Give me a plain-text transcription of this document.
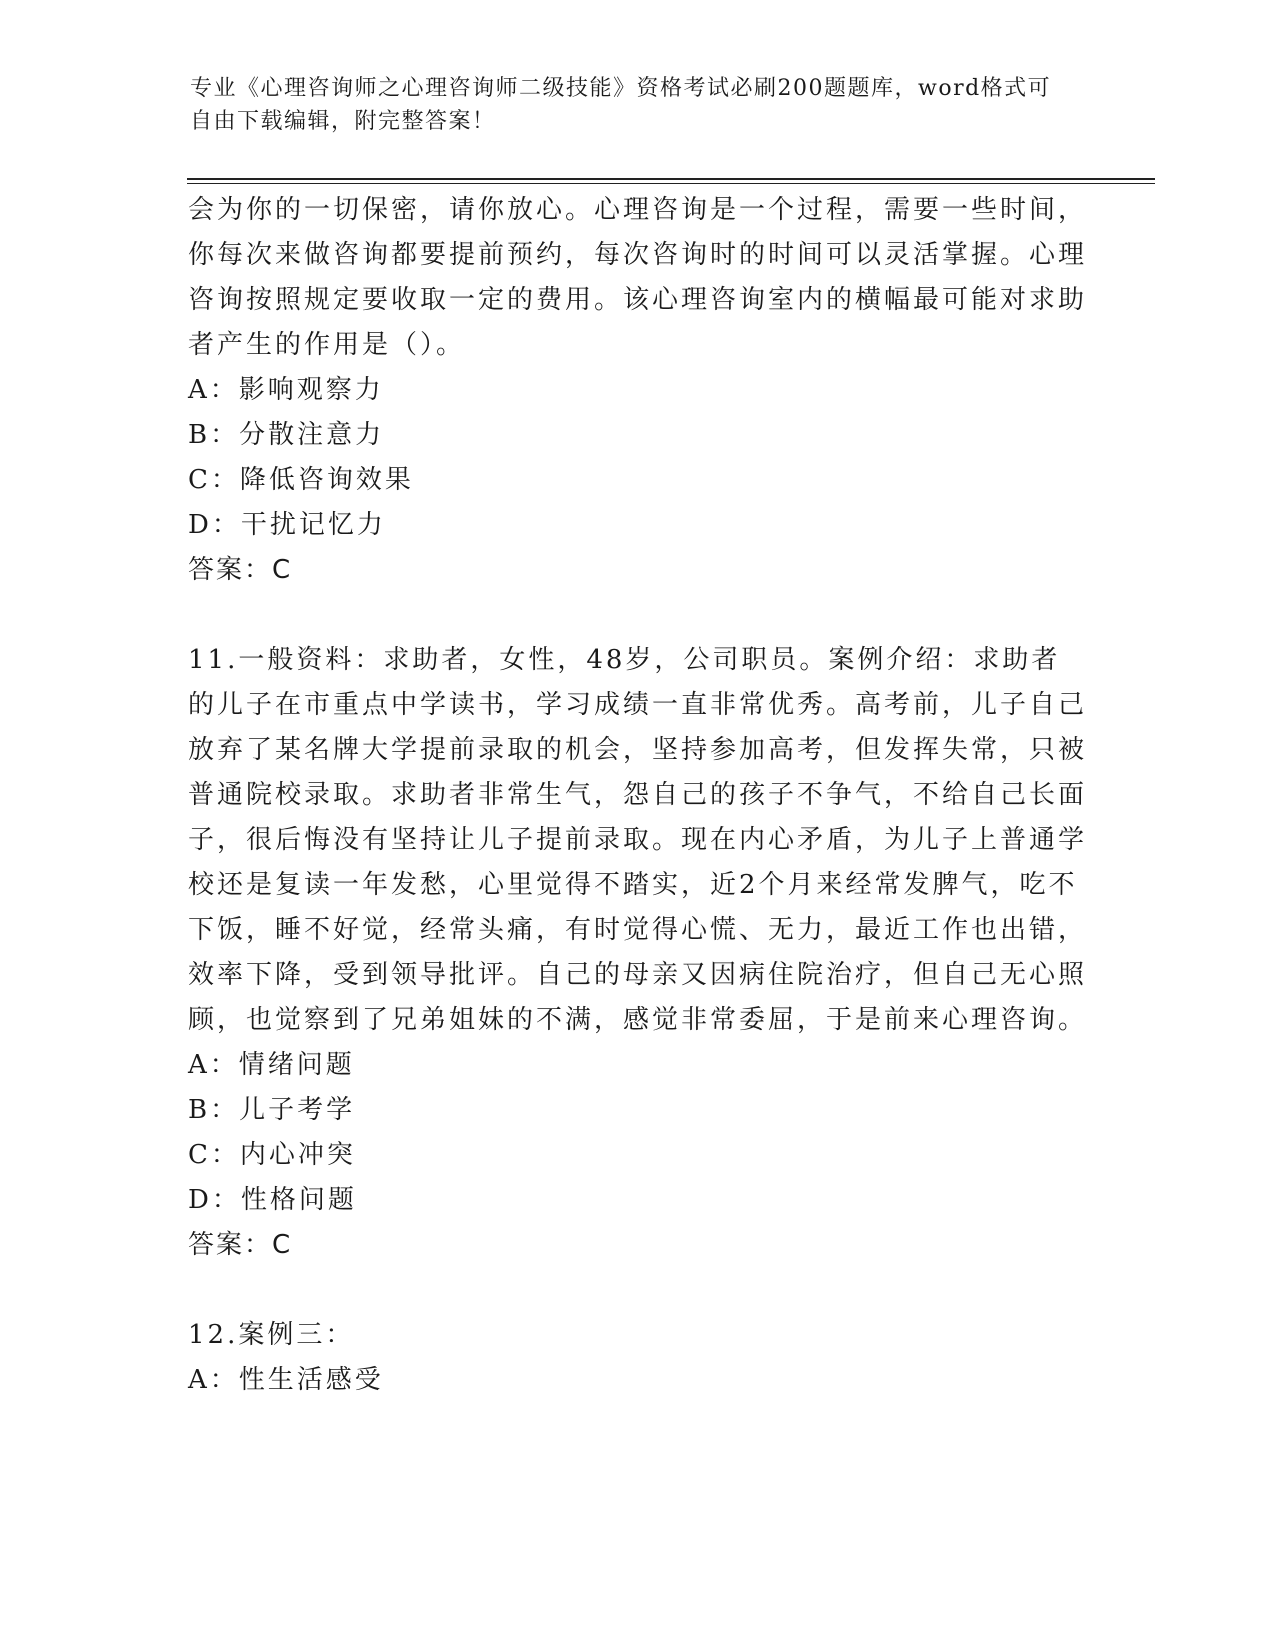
专业《心理咨询师之心理咨询师二级技能》资格考试必刷200题题库，word格式可自由下载编辑，附完整答案！

会为你的一切保密，请你放心。心理咨询是一个过程，需要一些时间，你每次来做咨询都要提前预约，每次咨询时的时间可以灵活掌握。心理咨询按照规定要收取一定的费用。该心理咨询室内的横幅最可能对求助者产生的作用是（）。

A：影响观察力

B：分散注意力

C：降低咨询效果

D：干扰记忆力

答案：C

11.一般资料：求助者，女性，48岁，公司职员。案例介绍：求助者的儿子在市重点中学读书，学习成绩一直非常优秀。高考前，儿子自己放弃了某名牌大学提前录取的机会，坚持参加高考，但发挥失常，只被普通院校录取。求助者非常生气，怨自己的孩子不争气，不给自己长面子，很后悔没有坚持让儿子提前录取。现在内心矛盾，为儿子上普通学校还是复读一年发愁，心里觉得不踏实，近2个月来经常发脾气，吃不下饭，睡不好觉，经常头痛，有时觉得心慌、无力，最近工作也出错，效率下降，受到领导批评。自己的母亲又因病住院治疗，但自己无心照顾，也觉察到了兄弟姐妹的不满，感觉非常委屈，于是前来心理咨询。

A：情绪问题

B：儿子考学

C：内心冲突

D：性格问题

答案：C

12.案例三：

A：性生活感受
